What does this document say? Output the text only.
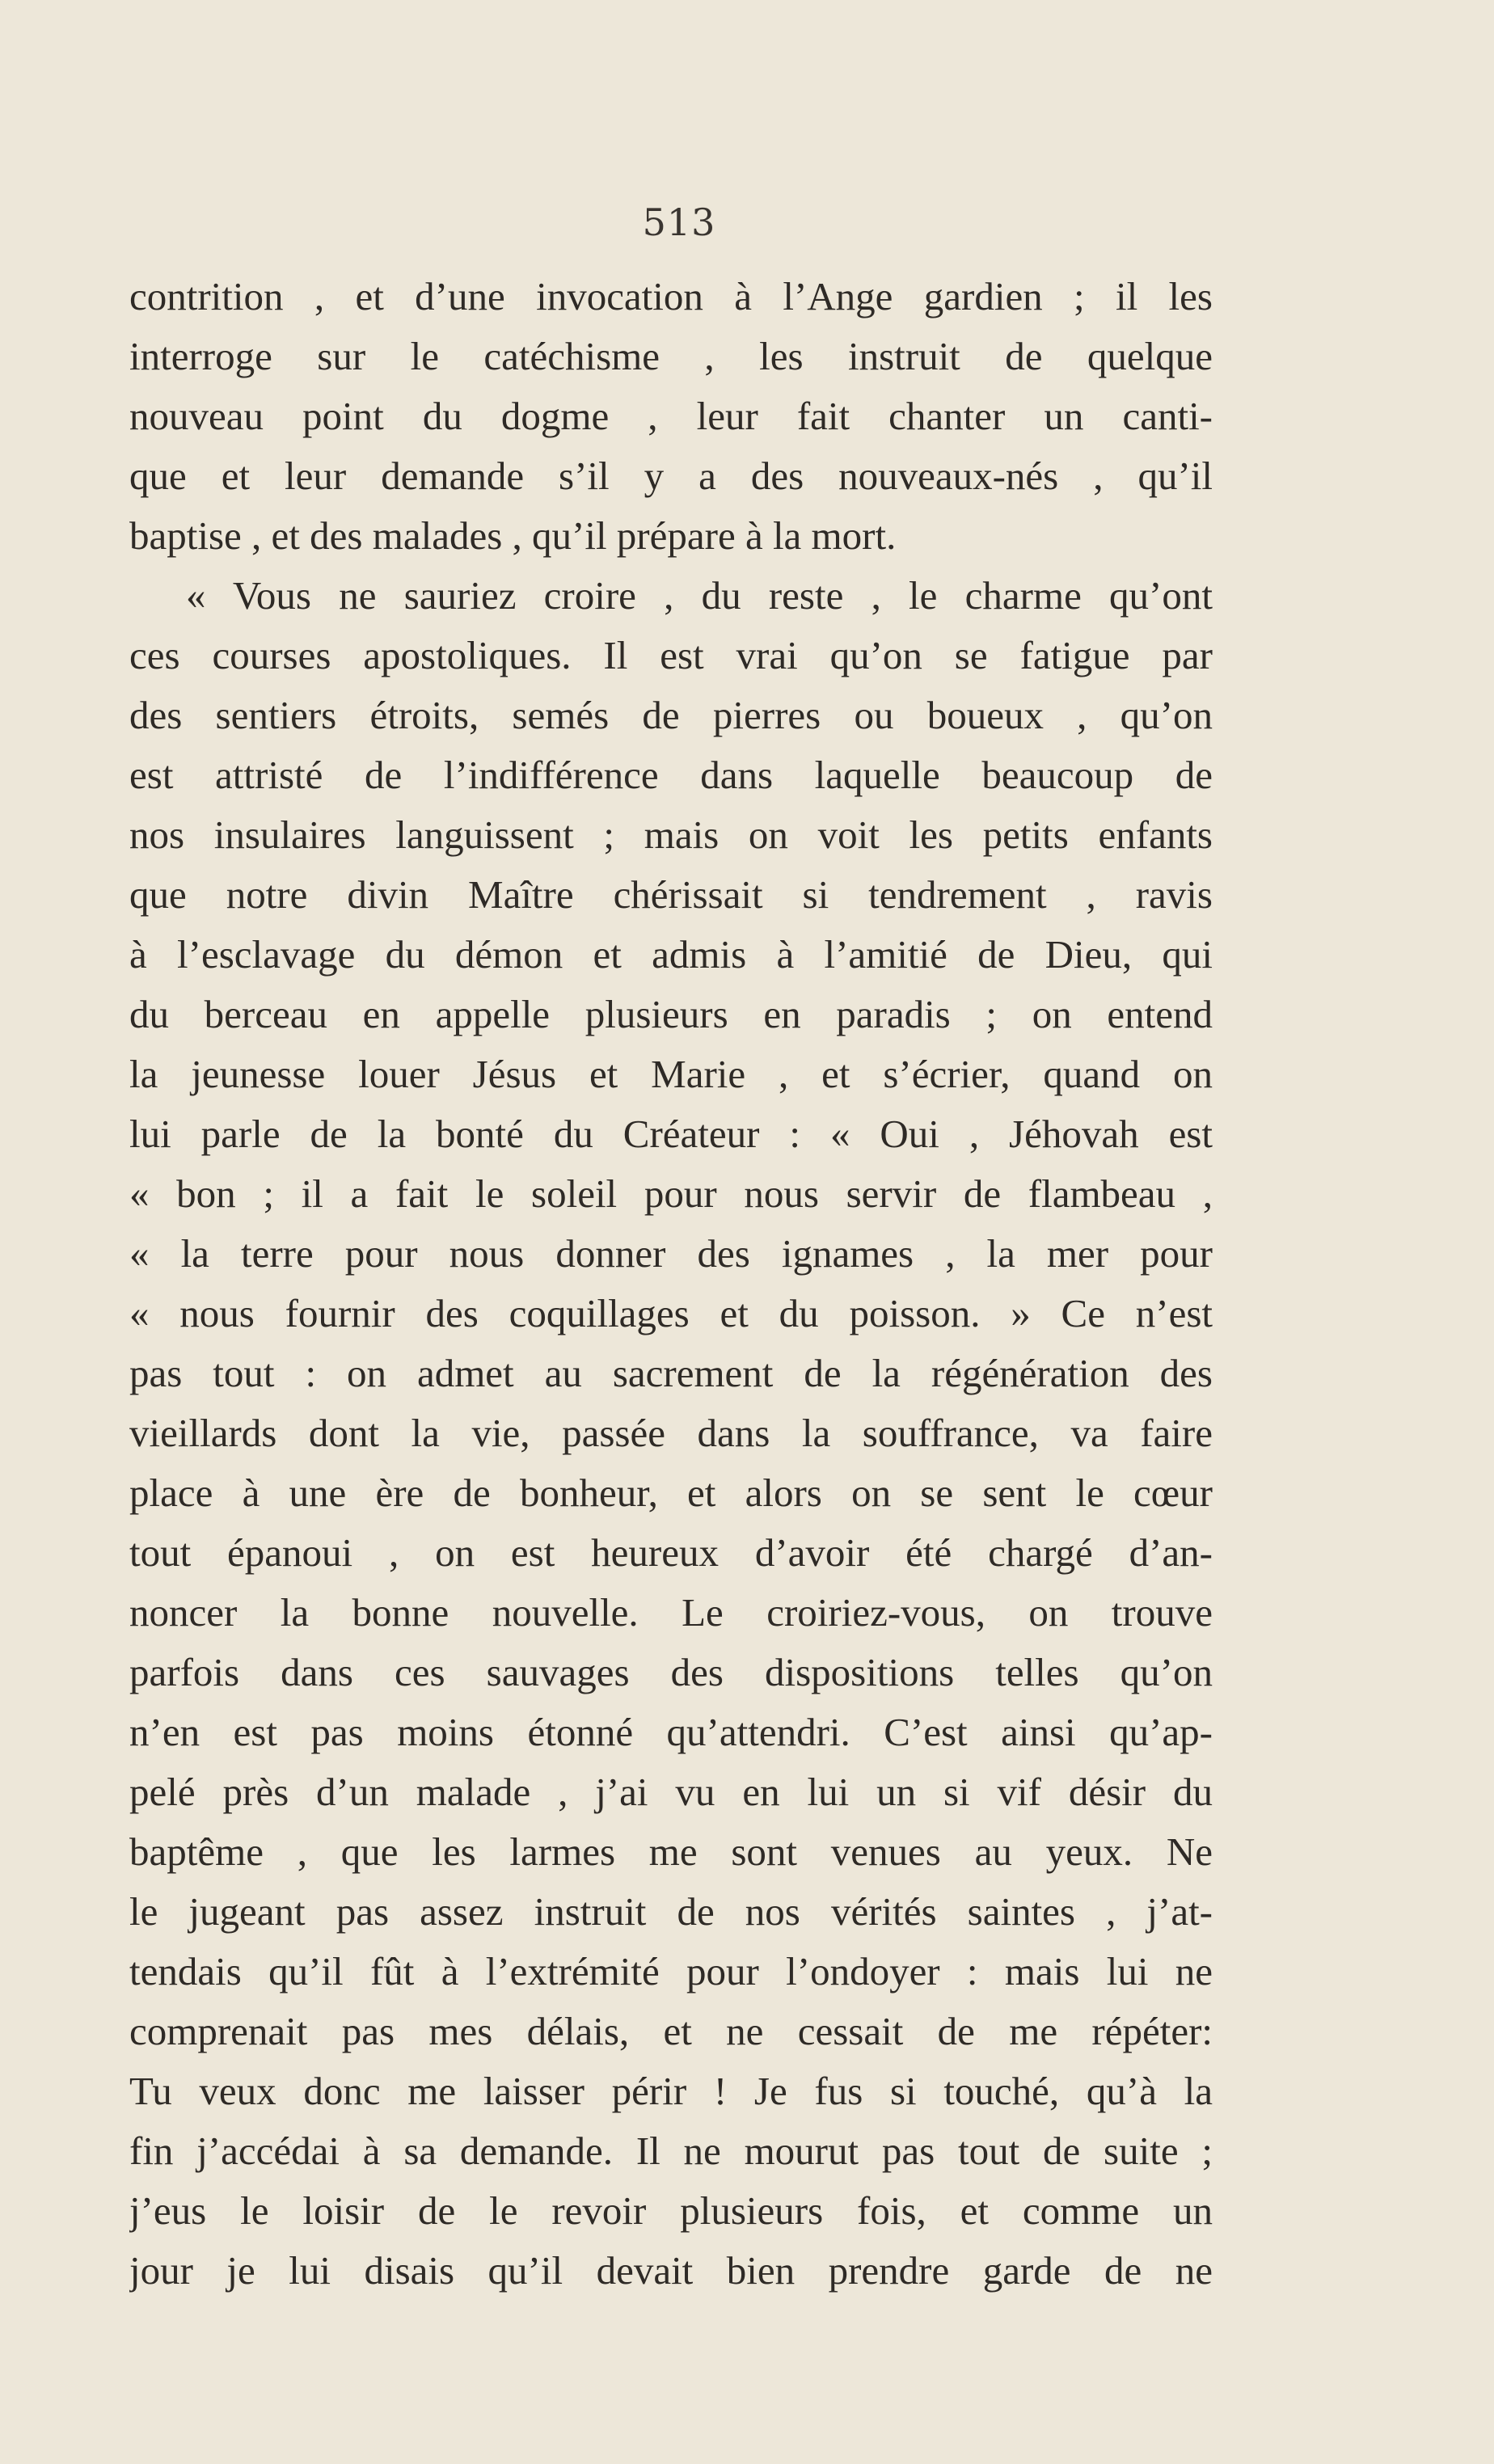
513
contrition , et d’une invocation à l’Ange gardien ; il les
interroge sur le catéchisme , les instruit de quelque
nouveau point du dogme , leur fait chanter un canti-
que et leur demande s’il y a des nouveaux-nés , qu’il
baptise , et des malades , qu’il prépare à la mort.
« Vous ne sauriez croire , du reste , le charme qu’ont
ces courses apostoliques. Il est vrai qu’on se fatigue par
des sentiers étroits, semés de pierres ou boueux , qu’on
est attristé de l’indifférence dans laquelle beaucoup de
nos insulaires languissent ; mais on voit les petits enfants
que notre divin Maître chérissait si tendrement , ravis
à l’esclavage du démon et admis à l’amitié de Dieu, qui
du berceau en appelle plusieurs en paradis ; on entend
la jeunesse louer Jésus et Marie , et s’écrier, quand on
lui parle de la bonté du Créateur : « Oui , Jéhovah est
« bon ; il a fait le soleil pour nous servir de flambeau ,
« la terre pour nous donner des ignames , la mer pour
« nous fournir des coquillages et du poisson. » Ce n’est
pas tout : on admet au sacrement de la régénération des
vieillards dont la vie, passée dans la souffrance, va faire
place à une ère de bonheur, et alors on se sent le cœur
tout épanoui , on est heureux d’avoir été chargé d’an-
noncer la bonne nouvelle. Le croiriez-vous, on trouve
parfois dans ces sauvages des dispositions telles qu’on
n’en est pas moins étonné qu’attendri. C’est ainsi qu’ap-
pelé près d’un malade , j’ai vu en lui un si vif désir du
baptême , que les larmes me sont venues au yeux. Ne
le jugeant pas assez instruit de nos vérités saintes , j’at-
tendais qu’il fût à l’extrémité pour l’ondoyer : mais lui ne
comprenait pas mes délais, et ne cessait de me répéter:
Tu veux donc me laisser périr ! Je fus si touché, qu’à la
fin j’accédai à sa demande. Il ne mourut pas tout de suite ;
j’eus le loisir de le revoir plusieurs fois, et comme un
jour je lui disais qu’il devait bien prendre garde de ne
